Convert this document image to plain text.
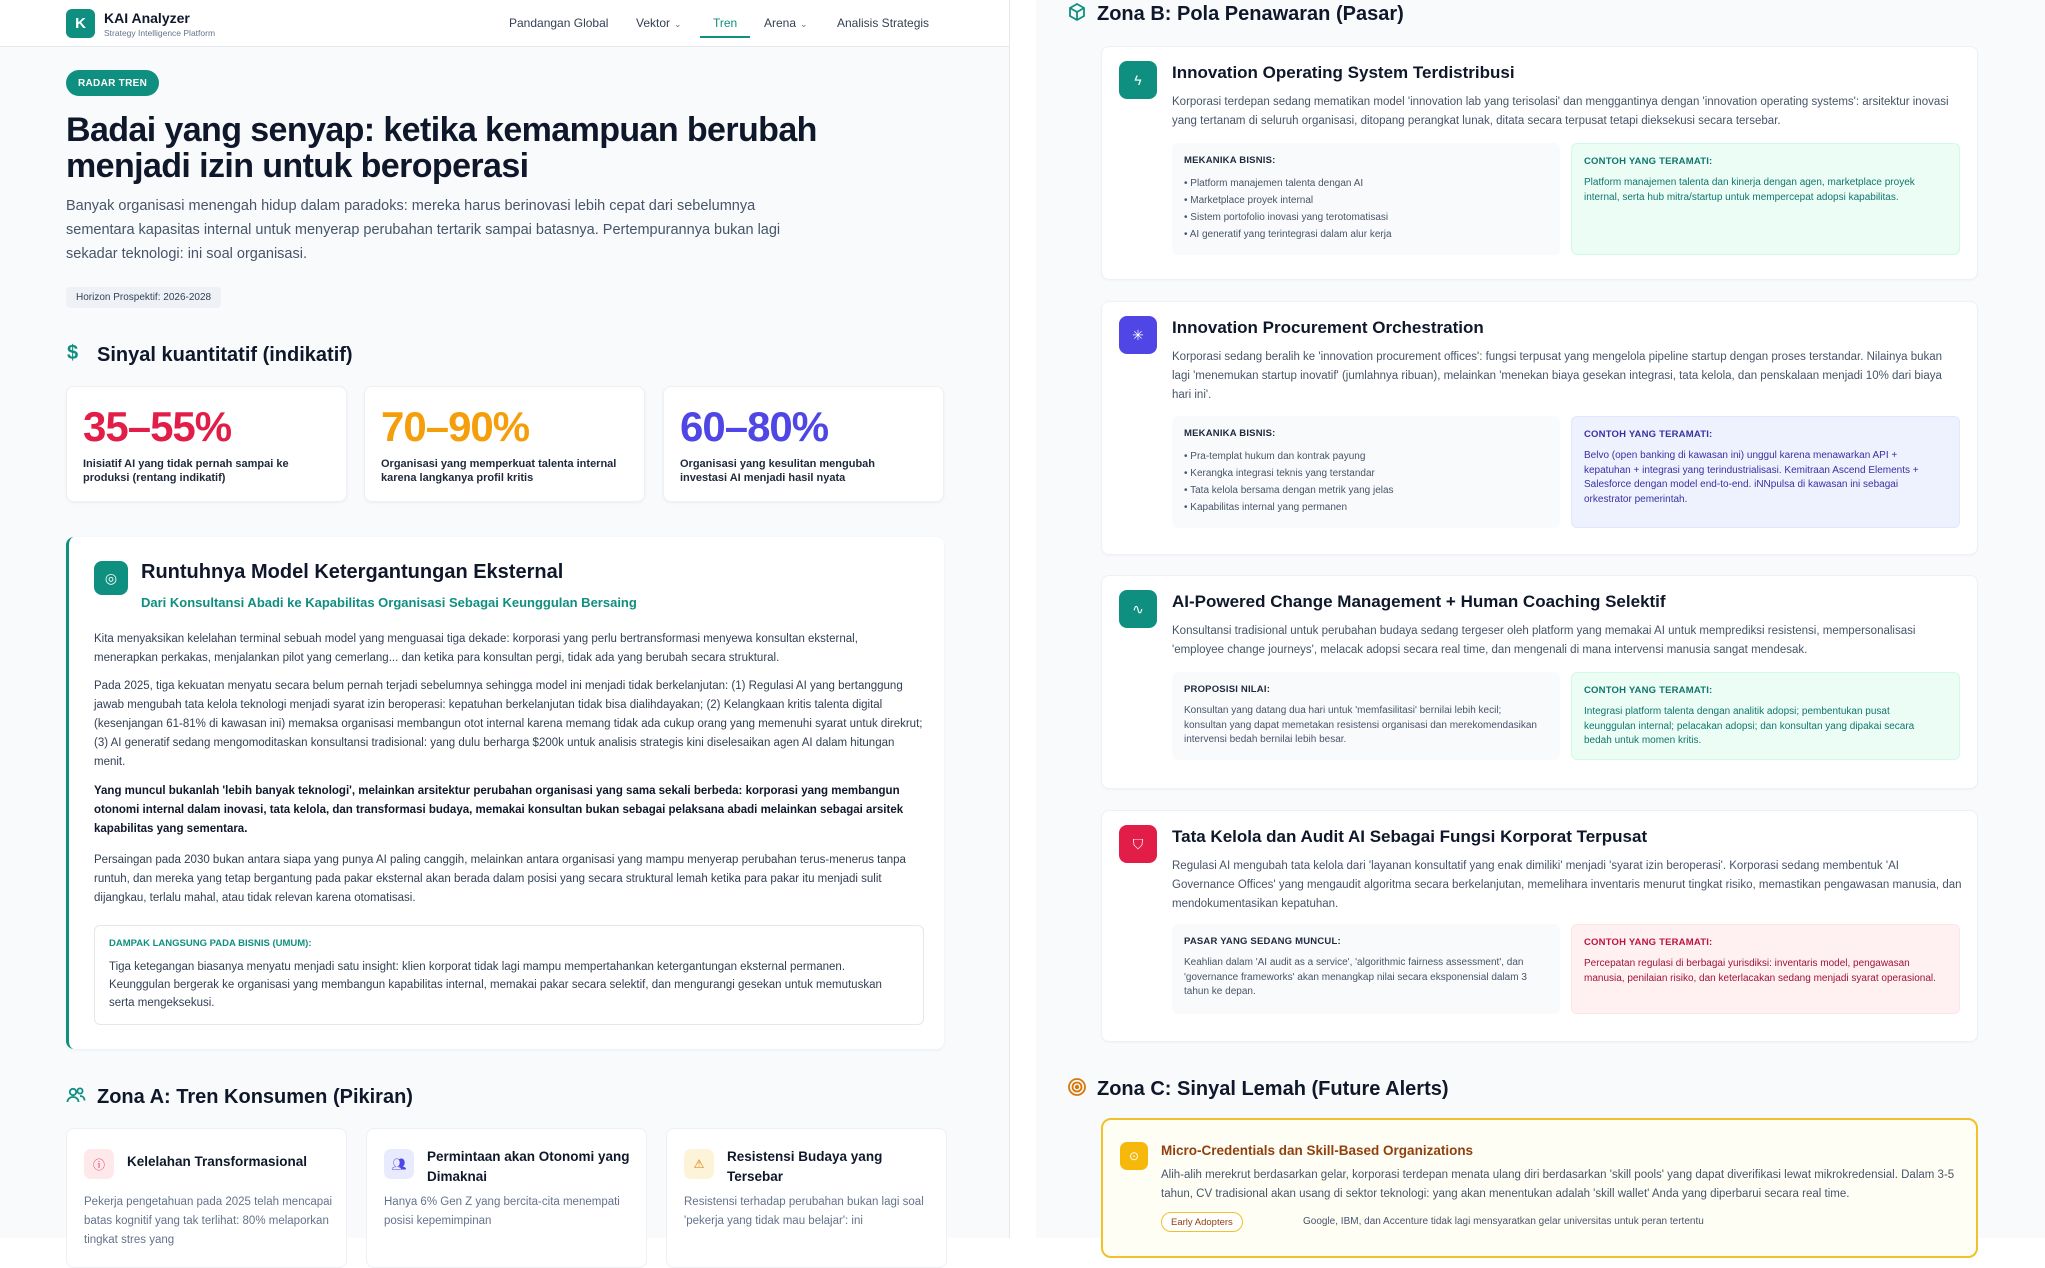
K	KAI Analyzer
Strategy Intelligence Platform
Pandangan Global Vektor ⌄	Tren Arena ⌄ Analisis Strategis
RADAR TREN
Badai yang senyap: ketika kemampuan berubah menjadi izin untuk beroperasi
Banyak organisasi menengah hidup dalam paradoks: mereka harus berinovasi lebih cepat dari sebelumnya sementara kapasitas internal untuk menyerap perubahan tertarik sampai batasnya. Pertempurannya bukan lagi sekadar teknologi: ini soal organisasi.
Horizon Prospektif: 2026-2028
$ Sinyal kuantitatif (indikatif)
35–55%
Inisiatif AI yang tidak pernah sampai ke produksi (rentang indikatif)
70–90%
Organisasi yang memperkuat talenta internal karena langkanya profil kritis
60–80%
Organisasi yang kesulitan mengubah investasi AI menjadi hasil nyata
◎	Runtuhnya Model Ketergantungan Eksternal
Dari Konsultansi Abadi ke Kapabilitas Organisasi Sebagai Keunggulan Bersaing
Kita menyaksikan kelelahan terminal sebuah model yang menguasai tiga dekade: korporasi yang perlu bertransformasi menyewa konsultan eksternal, menerapkan perkakas, menjalankan pilot yang cemerlang... dan ketika para konsultan pergi, tidak ada yang berubah secara struktural.
Pada 2025, tiga kekuatan menyatu secara belum pernah terjadi sebelumnya sehingga model ini menjadi tidak berkelanjutan: (1) Regulasi AI yang bertanggung jawab mengubah tata kelola teknologi menjadi syarat izin beroperasi: kepatuhan berkelanjutan tidak bisa dialihdayakan; (2) Kelangkaan kritis talenta digital (kesenjangan 61-81% di kawasan ini) memaksa organisasi membangun otot internal karena memang tidak ada cukup orang yang memenuhi syarat untuk direkrut; (3) AI generatif sedang mengomoditaskan konsultansi tradisional: yang dulu berharga $200k untuk analisis strategis kini diselesaikan agen AI dalam hitungan menit.
Yang muncul bukanlah 'lebih banyak teknologi', melainkan arsitektur perubahan organisasi yang sama sekali berbeda: korporasi yang membangun otonomi internal dalam inovasi, tata kelola, dan transformasi budaya, memakai konsultan bukan sebagai pelaksana abadi melainkan sebagai arsitek kapabilitas yang sementara.
Persaingan pada 2030 bukan antara siapa yang punya AI paling canggih, melainkan antara organisasi yang mampu menyerap perubahan terus-menerus tanpa runtuh, dan mereka yang tetap bergantung pada pakar eksternal akan berada dalam posisi yang secara struktural lemah ketika para pakar itu menjadi sulit dijangkau, terlalu mahal, atau tidak relevan karena otomatisasi.
DAMPAK LANGSUNG PADA BISNIS (UMUM):
Tiga ketegangan biasanya menyatu menjadi satu insight: klien korporat tidak lagi mampu mempertahankan ketergantungan eksternal permanen. Keunggulan bergerak ke organisasi yang membangun kapabilitas internal, memakai pakar secara selektif, dan mengurangi gesekan untuk memutuskan serta mengeksekusi.
Zona A: Tren Konsumen (Pikiran)
ⓘ	Kelelahan Transformasional
Pekerja pengetahuan pada 2025 telah mencapai batas kognitif yang tak terlihat: 80% melaporkan tingkat stres yang
👥︎	Permintaan akan Otonomi yang Dimaknai
Hanya 6% Gen Z yang bercita-cita menempati posisi kepemimpinan
⚠	Resistensi Budaya yang Tersebar
Resistensi terhadap perubahan bukan lagi soal 'pekerja yang tidak mau belajar': ini
Zona B: Pola Penawaran (Pasar)
ϟ	Innovation Operating System Terdistribusi
Korporasi terdepan sedang mematikan model 'innovation lab yang terisolasi' dan menggantinya dengan 'innovation operating systems': arsitektur inovasi yang tertanam di seluruh organisasi, ditopang perangkat lunak, ditata secara terpusat tetapi dieksekusi secara tersebar.
MEKANIKA BISNIS:
• Platform manajemen talenta dengan AI
• Marketplace proyek internal
• Sistem portofolio inovasi yang terotomatisasi
• AI generatif yang terintegrasi dalam alur kerja
CONTOH YANG TERAMATI:
Platform manajemen talenta dan kinerja dengan agen, marketplace proyek internal, serta hub mitra/startup untuk mempercepat adopsi kapabilitas.
✳	Innovation Procurement Orchestration
Korporasi sedang beralih ke 'innovation procurement offices': fungsi terpusat yang mengelola pipeline startup dengan proses terstandar. Nilainya bukan lagi 'menemukan startup inovatif' (jumlahnya ribuan), melainkan 'menekan biaya gesekan integrasi, tata kelola, dan penskalaan menjadi 10% dari biaya hari ini'.
MEKANIKA BISNIS:
• Pra-templat hukum dan kontrak payung
• Kerangka integrasi teknis yang terstandar
• Tata kelola bersama dengan metrik yang jelas
• Kapabilitas internal yang permanen
CONTOH YANG TERAMATI:
Belvo (open banking di kawasan ini) unggul karena menawarkan API + kepatuhan + integrasi yang terindustrialisasi. Kemitraan Ascend Elements + Salesforce dengan model end-to-end. iNNpulsa di kawasan ini sebagai orkestrator pemerintah.
∿	AI-Powered Change Management + Human Coaching Selektif
Konsultansi tradisional untuk perubahan budaya sedang tergeser oleh platform yang memakai AI untuk memprediksi resistensi, mempersonalisasi 'employee change journeys', melacak adopsi secara real time, dan mengenali di mana intervensi manusia sangat mendesak.
PROPOSISI NILAI:
Konsultan yang datang dua hari untuk 'memfasilitasi' bernilai lebih kecil; konsultan yang dapat memetakan resistensi organisasi dan merekomendasikan intervensi bedah bernilai lebih besar.
CONTOH YANG TERAMATI:
Integrasi platform talenta dengan analitik adopsi; pembentukan pusat keunggulan internal; pelacakan adopsi; dan konsultan yang dipakai secara bedah untuk momen kritis.
⛉	Tata Kelola dan Audit AI Sebagai Fungsi Korporat Terpusat
Regulasi AI mengubah tata kelola dari 'layanan konsultatif yang enak dimiliki' menjadi 'syarat izin beroperasi'. Korporasi sedang membentuk 'AI Governance Offices' yang mengaudit algoritma secara berkelanjutan, memelihara inventaris menurut tingkat risiko, memastikan pengawasan manusia, dan mendokumentasikan kepatuhan.
PASAR YANG SEDANG MUNCUL:
Keahlian dalam 'AI audit as a service', 'algorithmic fairness assessment', dan 'governance frameworks' akan menangkap nilai secara eksponensial dalam 3 tahun ke depan.
CONTOH YANG TERAMATI:
Percepatan regulasi di berbagai yurisdiksi: inventaris model, pengawasan manusia, penilaian risiko, dan keterlacakan sedang menjadi syarat operasional.
Zona C: Sinyal Lemah (Future Alerts)
⊙	Micro-Credentials dan Skill-Based Organizations
Alih-alih merekrut berdasarkan gelar, korporasi terdepan menata ulang diri berdasarkan 'skill pools' yang dapat diverifikasi lewat mikrokredensial. Dalam 3-5 tahun, CV tradisional akan usang di sektor teknologi: yang akan menentukan adalah 'skill wallet' Anda yang diperbarui secara real time.
Early Adopters	Google, IBM, dan Accenture tidak lagi mensyaratkan gelar universitas untuk peran tertentu
